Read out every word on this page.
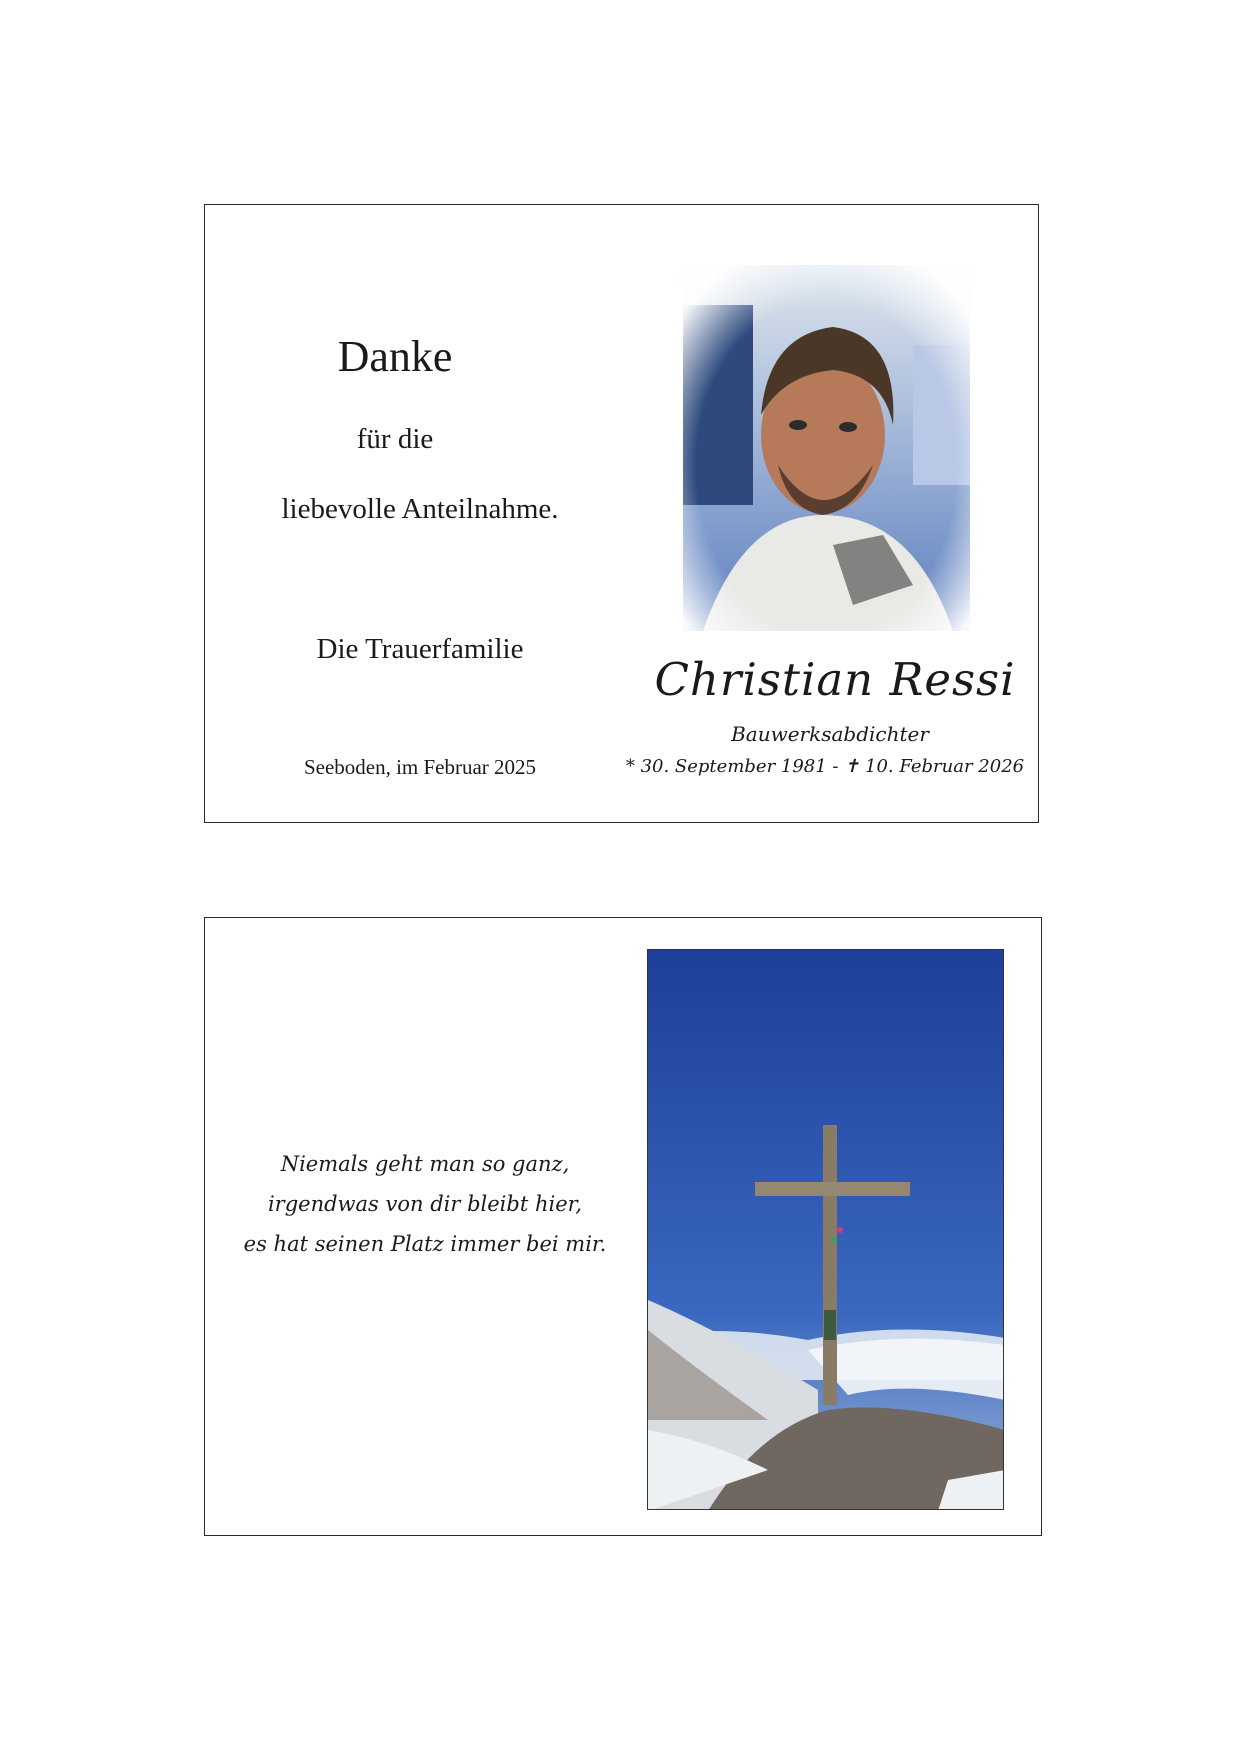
Danke
für die
liebevolle Anteilnahme.
Die Trauerfamilie
Seeboden, im Februar 2025
Christian Ressi
Bauwerksabdichter
* 30. September 1981 - ✝ 10. Februar 2026
Niemals geht man so ganz,
irgendwas von dir bleibt hier,
es hat seinen Platz immer bei mir.
